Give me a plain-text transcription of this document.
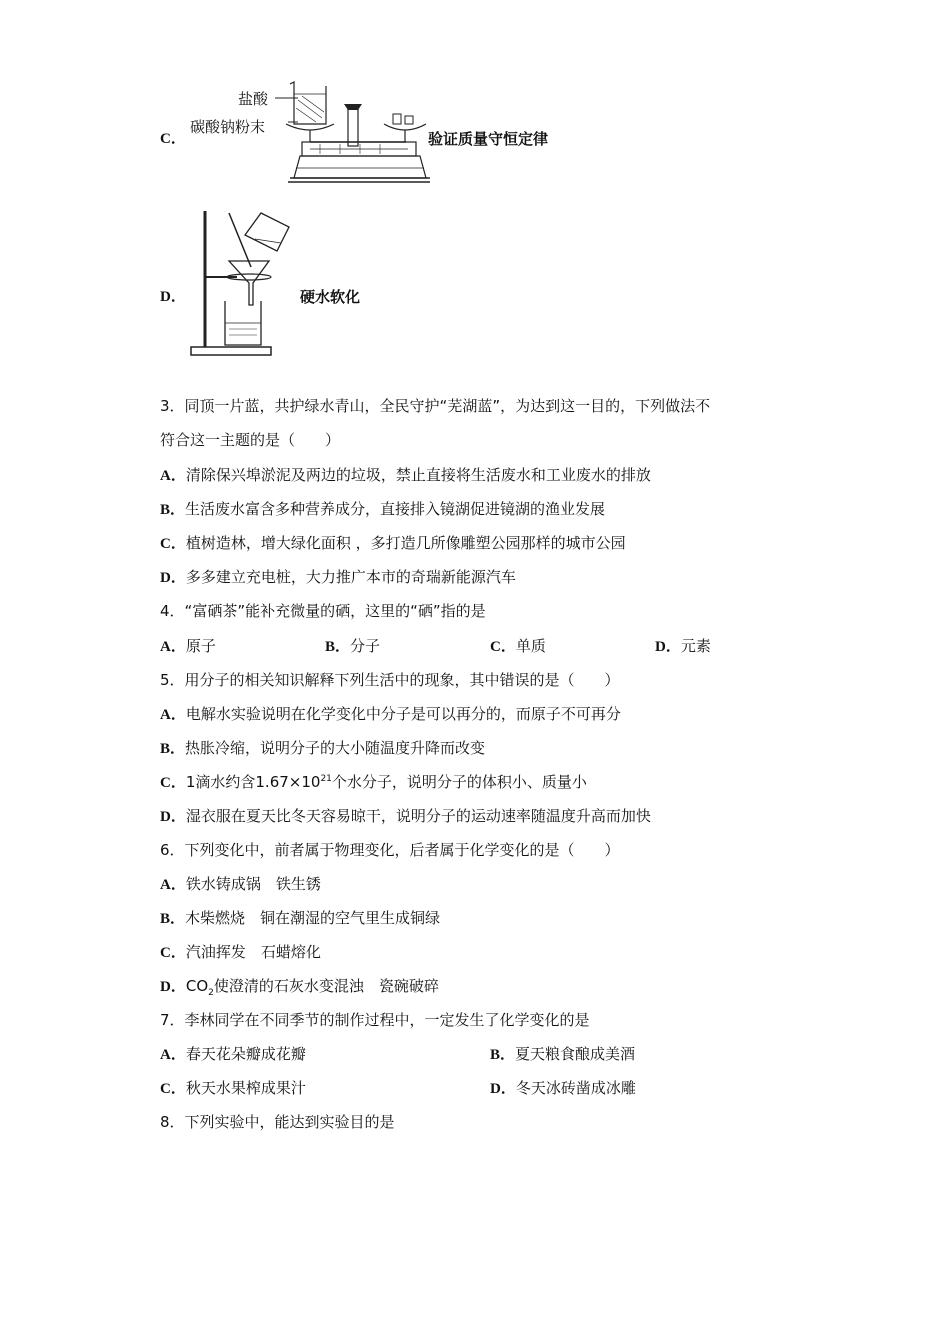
C．
盐酸
碳酸钠粉末
验证质量守恒定律
D．	硬水软化
3．同顶一片蓝，共护绿水青山，全民守护“芜湖蓝”，为达到这一目的，下列做法不
符合这一主题的是（　　）
A．清除保兴埠淤泥及两边的垃圾，禁止直接将生活废水和工业废水的排放
B．生活废水富含多种营养成分，直接排入镜湖促进镜湖的渔业发展
C．植树造林，增大绿化面积 ，多打造几所像雕塑公园那样的城市公园
D．多多建立充电桩，大力推广本市的奇瑞新能源汽车
4．“富硒茶”能补充微量的硒，这里的“硒”指的是
A．原子	B．分子	C．单质	D．元素
5．用分子的相关知识解释下列生活中的现象，其中错误的是（　　）
A．电解水实验说明在化学变化中分子是可以再分的，而原子不可再分
B．热胀冷缩，说明分子的大小随温度升降而改变
C．1滴水约含$1.67\times 10^{21}$个水分子，说明分子的体积小、质量小
D．湿衣服在夏天比冬天容易晾干，说明分子的运动速率随温度升高而加快
6．下列变化中，前者属于物理变化，后者属于化学变化的是（　　）
A．铁水铸成锅　铁生锈
B．木柴燃烧　铜在潮湿的空气里生成铜绿
C．汽油挥发　石蜡熔化
D．$CO_2$使澄清的石灰水变混浊　瓷碗破碎
7．李林同学在不同季节的制作过程中，一定发生了化学变化的是
A．春天花朵瓣成花瓣	B．夏天粮食酿成美酒
C．秋天水果榨成果汁	D．冬天冰砖凿成冰雕
8．下列实验中，能达到实验目的是
